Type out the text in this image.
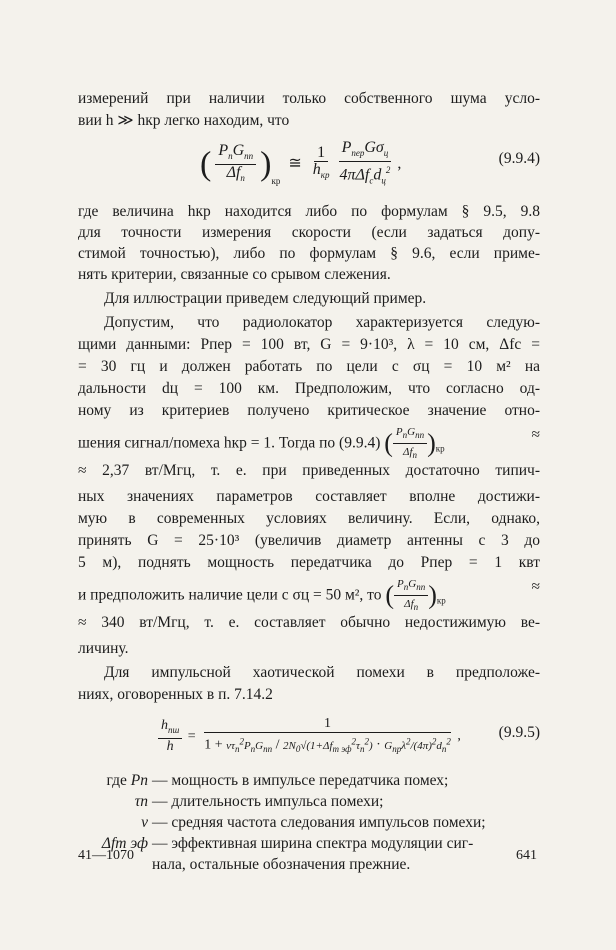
измерений при наличии только собственного шума усло-
вии h ≫ hкр легко находим, что
( $\frac{P_пG_{пп}}{\Delta f_п} )_{кр}$ ≅ $\frac{1}{h_{кр}}$
$\frac{P_{пер}G\sigma_ц}{4\pi\Delta f_cd_ц^2}$ ,	(9.9.4)
где величина hкр находится либо по формулам § 9.5, 9.8
для точности измерения скорости (если задаться допу-
стимой точностью), либо по формулам § 9.6, если приме-
нять критерии, связанные со срывом слежения.
Для иллюстрации приведем следующий пример.
Допустим, что радиолокатор характеризуется следую-
щими данными: Pпер = 100 вт, G = 9·10³, λ = 10 см, Δfc =
= 30 гц и должен работать по цели с σц = 10 м² на
дальности dц = 100 км. Предположим, что согласно од-
ному из критериев получено критическое значение отно-
шения сигнал/помеха hкр = 1. Тогда по (9.9.4) ( $\frac{P_пG_{пп}}{\Delta f_п} )_{кр}$
≈
≈ 2,37 вт/Мгц, т. е. при приведенных достаточно типич-
ных значениях параметров составляет вполне достижи-
мую в современных условиях величину. Если, однако,
принять G = 25·10³ (увеличив диаметр антенны с 3 до
5 м), поднять мощность передатчика до Pпер = 1 квт
и предположить наличие цели с σц = 50 м², то ( $\frac{P_пG_{пп}}{\Delta f_п} )_{кр}$
≈
≈ 340 вт/Мгц, т. е. составляет обычно недостижимую ве-
личину.
Для импульсной хаотической помехи в предположе-
ниях, оговоренных в п. 7.14.2
$\frac{h_{пш}}{h} = \frac{1}{1 + \nu\tau_п^2P_пG_{пп} / 2N_0√(1+\Delta f_{m эф}^2\tau_п^2) \cdot G_{пр}\lambda^2/(4\pi)^2d_п^2}$ , (9.9.5)
где Pп — мощность в импульсе передатчика помех;
τп — длительность импульса помехи;
ν — средняя частота следования импульсов помехи;
Δfm эф — эффективная ширина спектра модуляции сиг-
нала, остальные обозначения прежние.
41—1070	641
